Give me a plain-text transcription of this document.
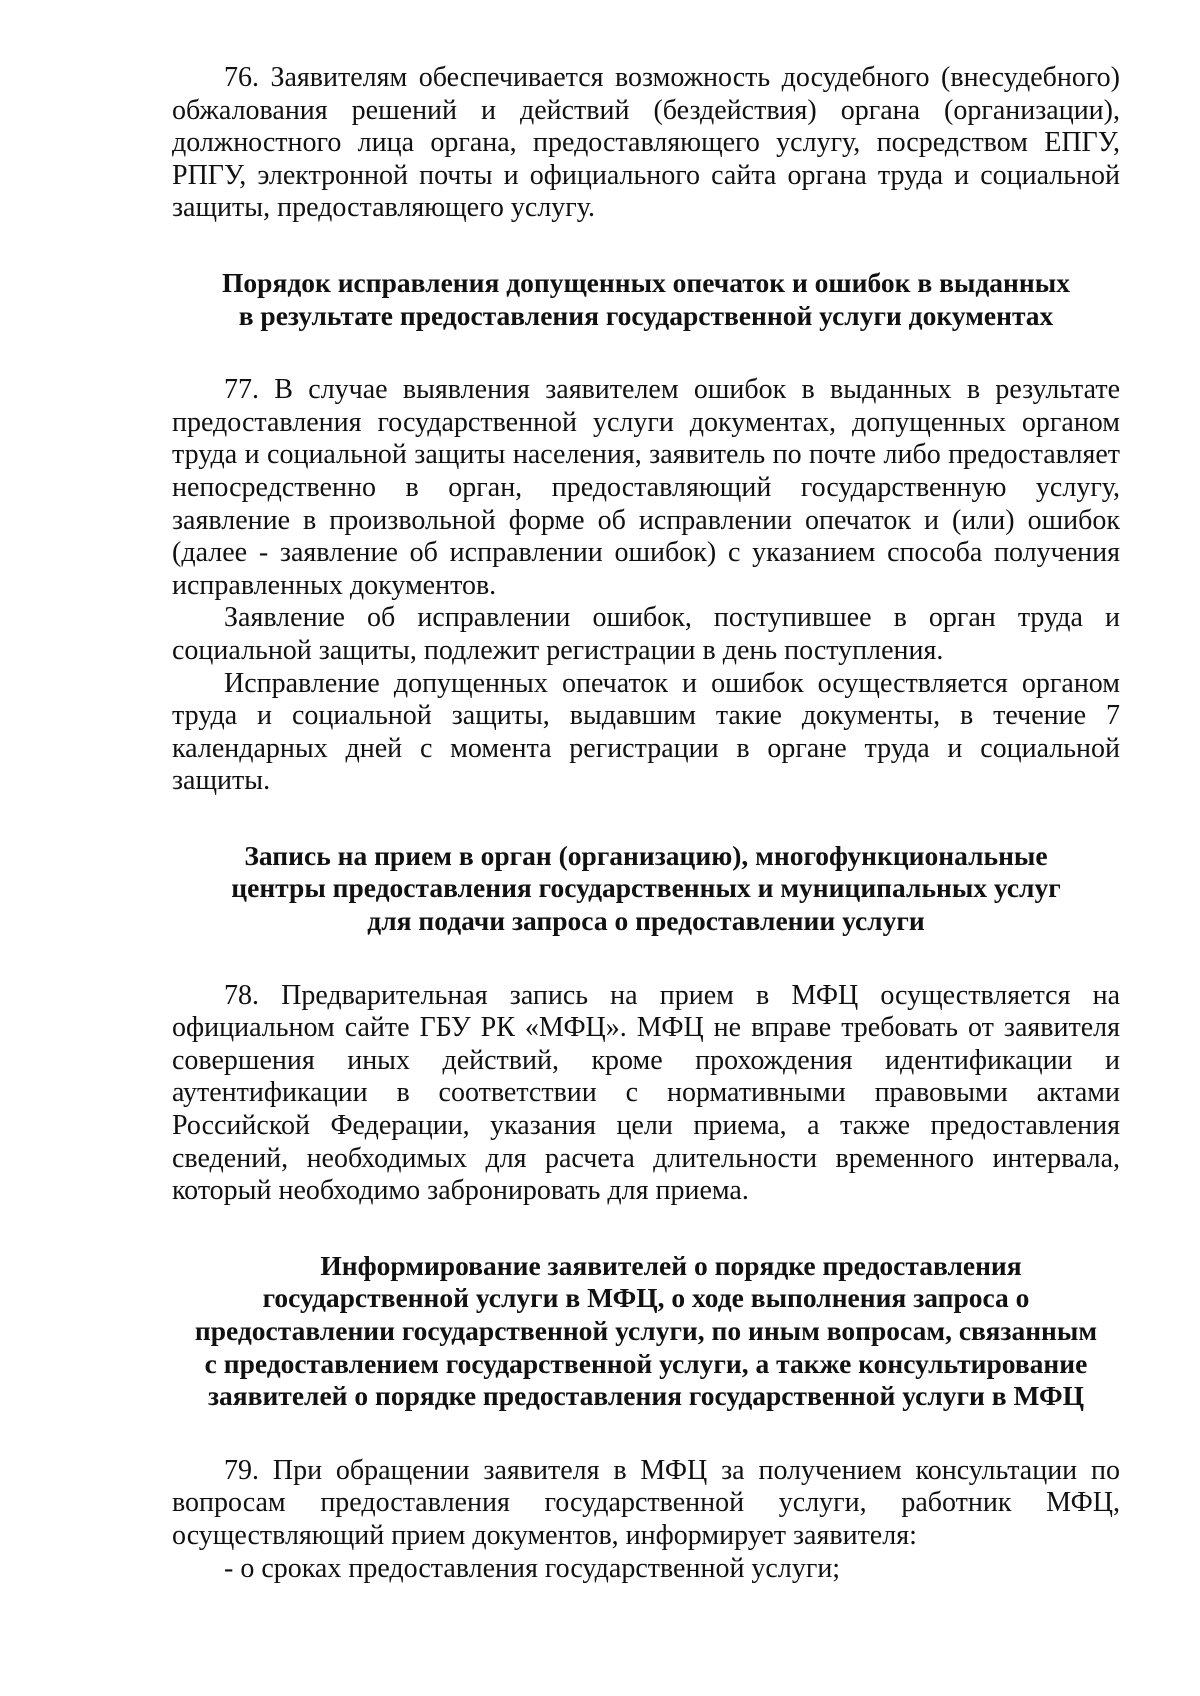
76. Заявителям обеспечивается возможность досудебного (внесудебного) обжалования решений и действий (бездействия) органа (организации), должностного лица органа, предоставляющего услугу, посредством ЕПГУ, РПГУ, электронной почты и официального сайта органа труда и социальной защиты, предоставляющего услугу.

Порядок исправления допущенных опечаток и ошибок в выданных

в результате предоставления государственной услуги документах

77. В случае выявления заявителем ошибок в выданных в результате предоставления государственной услуги документах, допущенных органом труда и социальной защиты населения, заявитель по почте либо предоставляет непосредственно в орган, предоставляющий государственную услугу, заявление в произвольной форме об исправлении опечаток и (или) ошибок (далее - заявление об исправлении ошибок) с указанием способа получения исправленных документов.

Заявление об исправлении ошибок, поступившее в орган труда и социальной защиты, подлежит регистрации в день поступления.

Исправление допущенных опечаток и ошибок осуществляется органом труда и социальной защиты, выдавшим такие документы, в течение 7 календарных дней с момента регистрации в органе труда и социальной защиты.

Запись на прием в орган (организацию), многофункциональные

центры предоставления государственных и муниципальных услуг

для подачи запроса о предоставлении услуги

78. Предварительная запись на прием в МФЦ осуществляется на официальном сайте ГБУ РК «МФЦ». МФЦ не вправе требовать от заявителя совершения иных действий, кроме прохождения идентификации и аутентификации в соответствии с нормативными правовыми актами Российской Федерации, указания цели приема, а также предоставления сведений, необходимых для расчета длительности временного интервала, который необходимо забронировать для приема.

Информирование заявителей о порядке предоставления

государственной услуги в МФЦ, о ходе выполнения запроса о

предоставлении государственной услуги, по иным вопросам, связанным

с предоставлением государственной услуги, а также консультирование

заявителей о порядке предоставления государственной услуги в МФЦ

79. При обращении заявителя в МФЦ за получением консультации по вопросам предоставления государственной услуги, работник МФЦ, осуществляющий прием документов, информирует заявителя:

- о сроках предоставления государственной услуги;
